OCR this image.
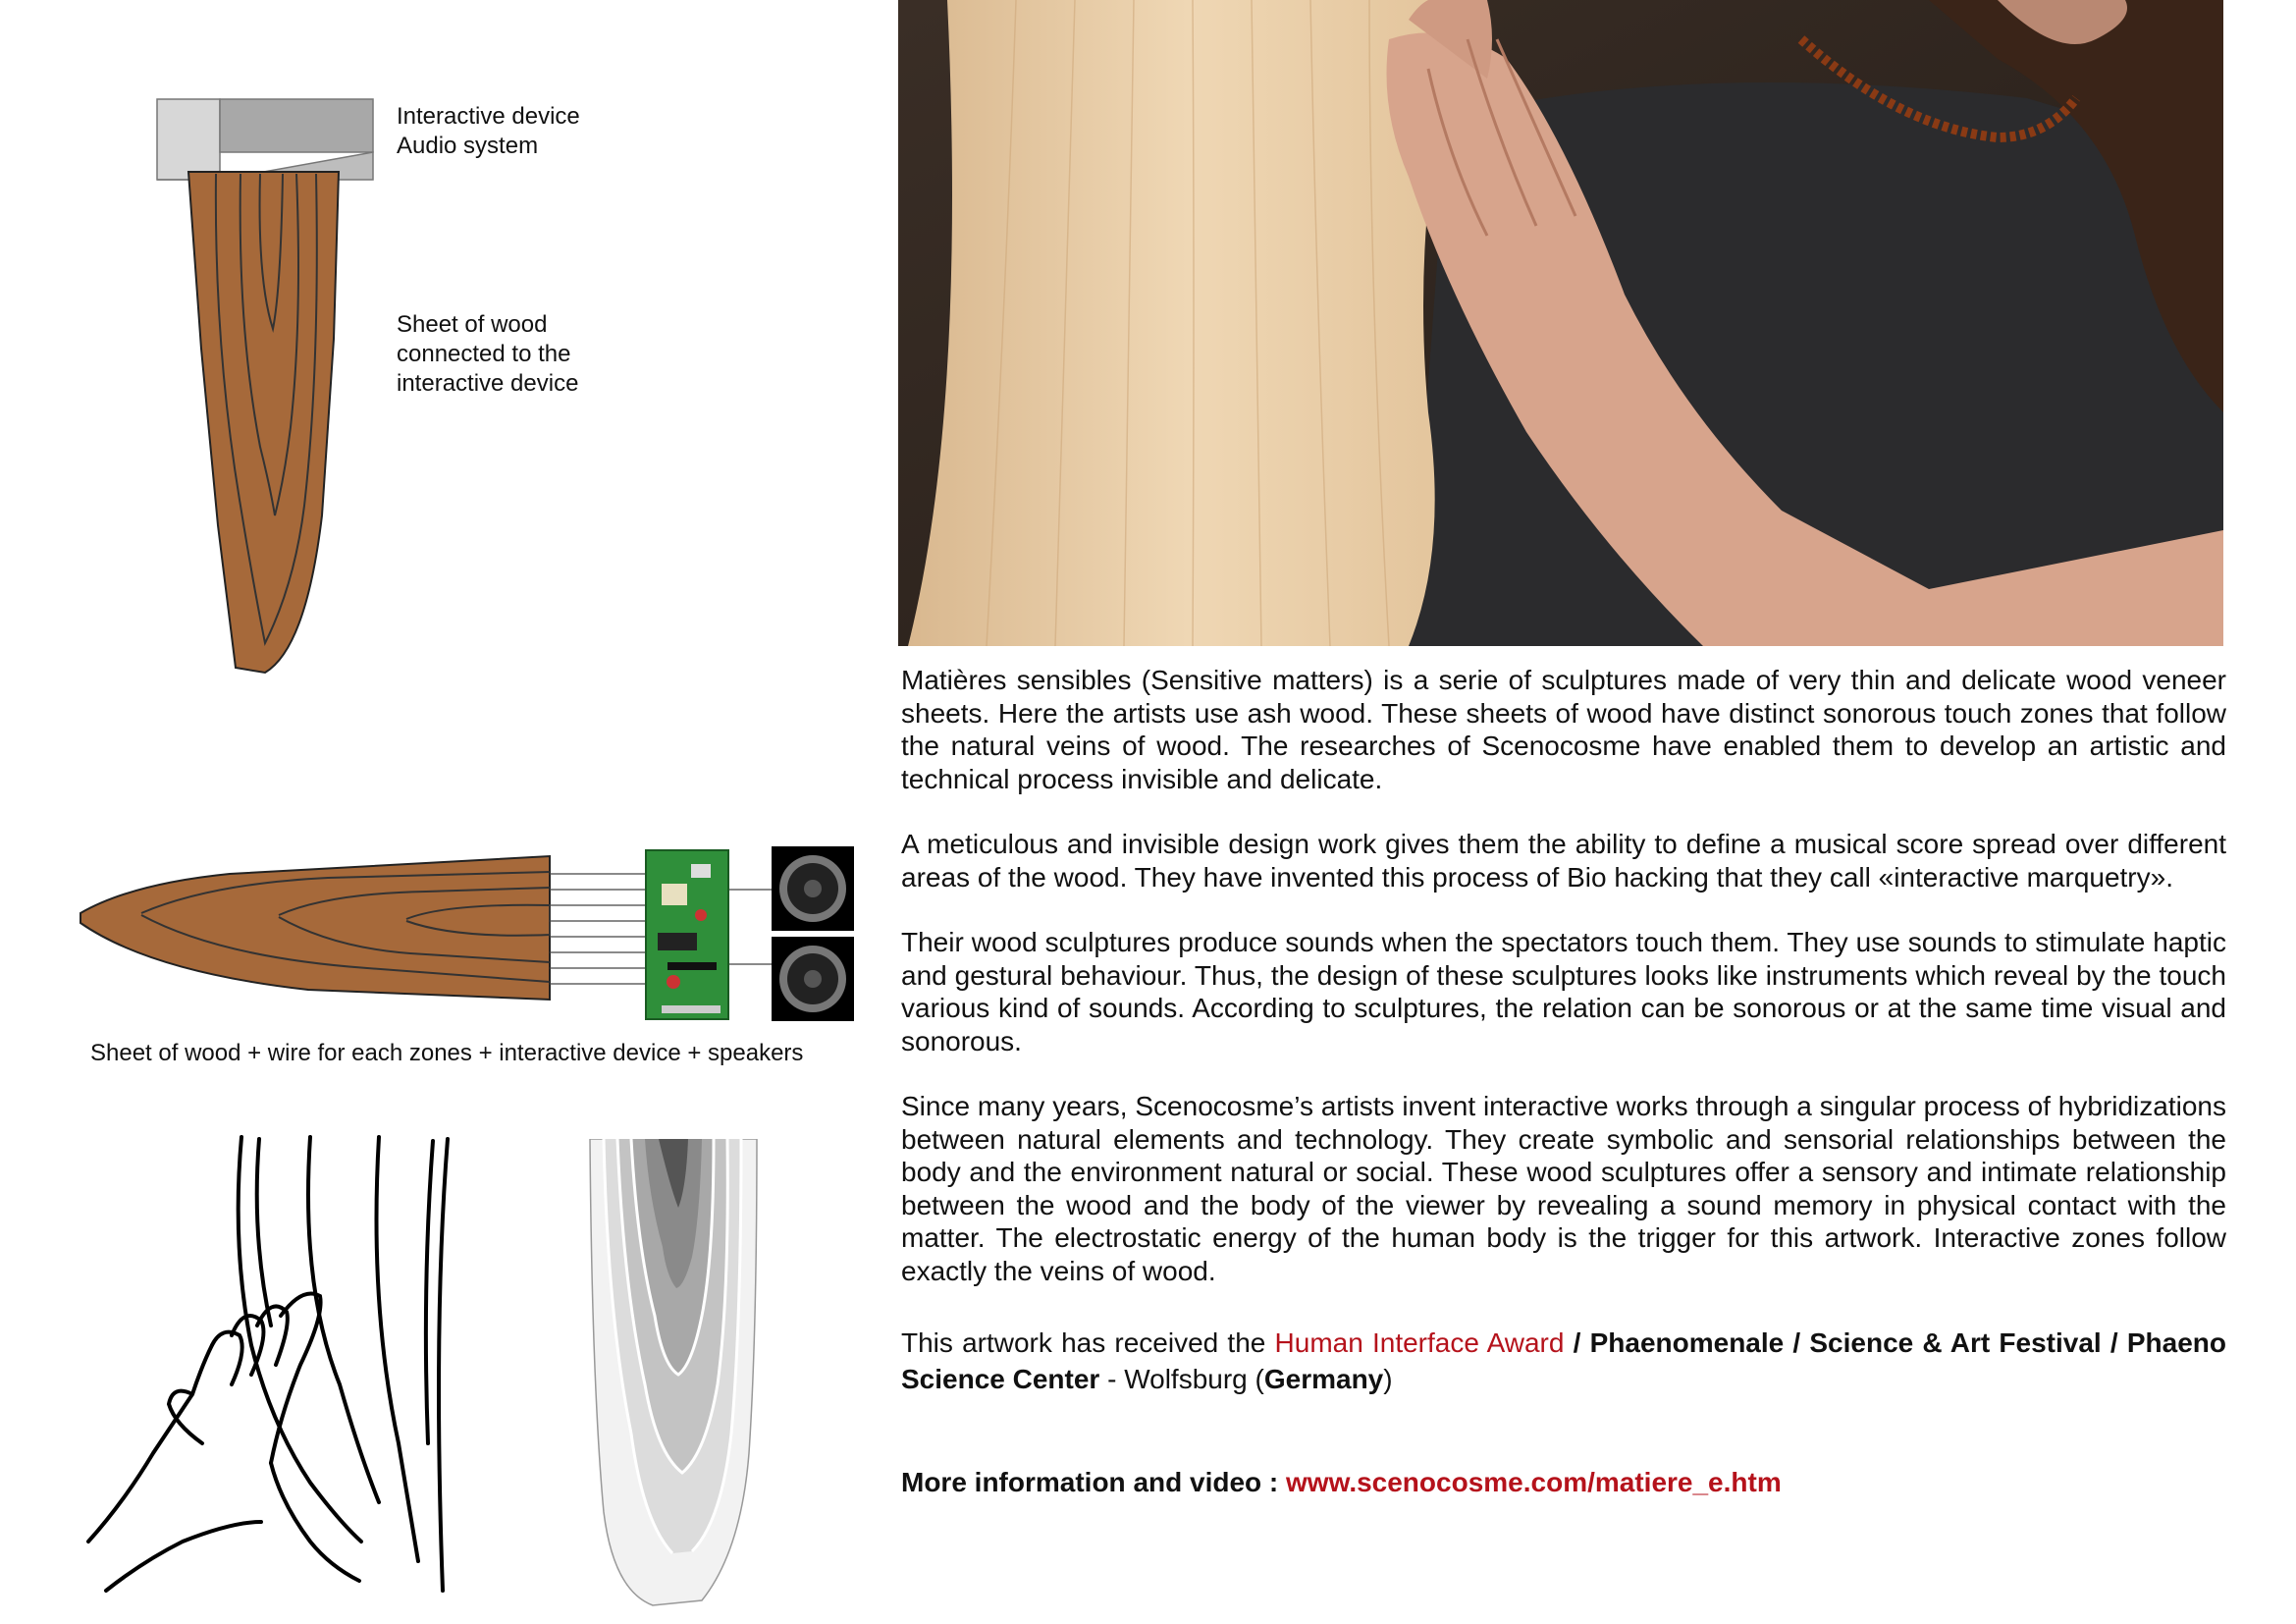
Interactive device
Audio system
Sheet of wood
connected to the
interactive device
Sheet of wood + wire for each zones + interactive device + speakers

Matières sensibles (Sensitive matters) is a serie of sculptures made of very thin and delicate wood veneer sheets. Here the artists use ash wood. These sheets of wood have distinct sonorous touch zones that follow the natural veins of wood. The researches of Scenocosme have enabled them to develop an artistic and technical process invisible and delicate.

A meticulous and invisible design work gives them the ability to define a musical score spread over different areas of the wood. They have invented this process of Bio hacking that they call «interactive marquetry».

Their wood sculptures produce sounds when the spectators touch them. They use sounds to stimulate haptic and gestural behaviour. Thus, the design of these sculptures looks like instruments which reveal by the touch various kind of sounds. According to sculptures, the relation can be sonorous or at the same time visual and sonorous.

Since many years, Scenocosme’s artists invent interactive works through a singular process of hybridizations between natural elements and technology. They create symbolic and sensorial relationships between the body and the environment natural or social. These wood sculptures offer a sensory and intimate relationship between the wood and the body of the viewer by revealing a sound memory in physical contact with the matter. The electrostatic energy of the human body is the trigger for this artwork. Interactive zones follow exactly the veins of wood.

This artwork has received the Human Interface Award / Phaenomenale / Science & Art Festival / Phaeno Science Center - Wolfsburg (Germany)

More information and video : www.scenocosme.com/matiere_e.htm
